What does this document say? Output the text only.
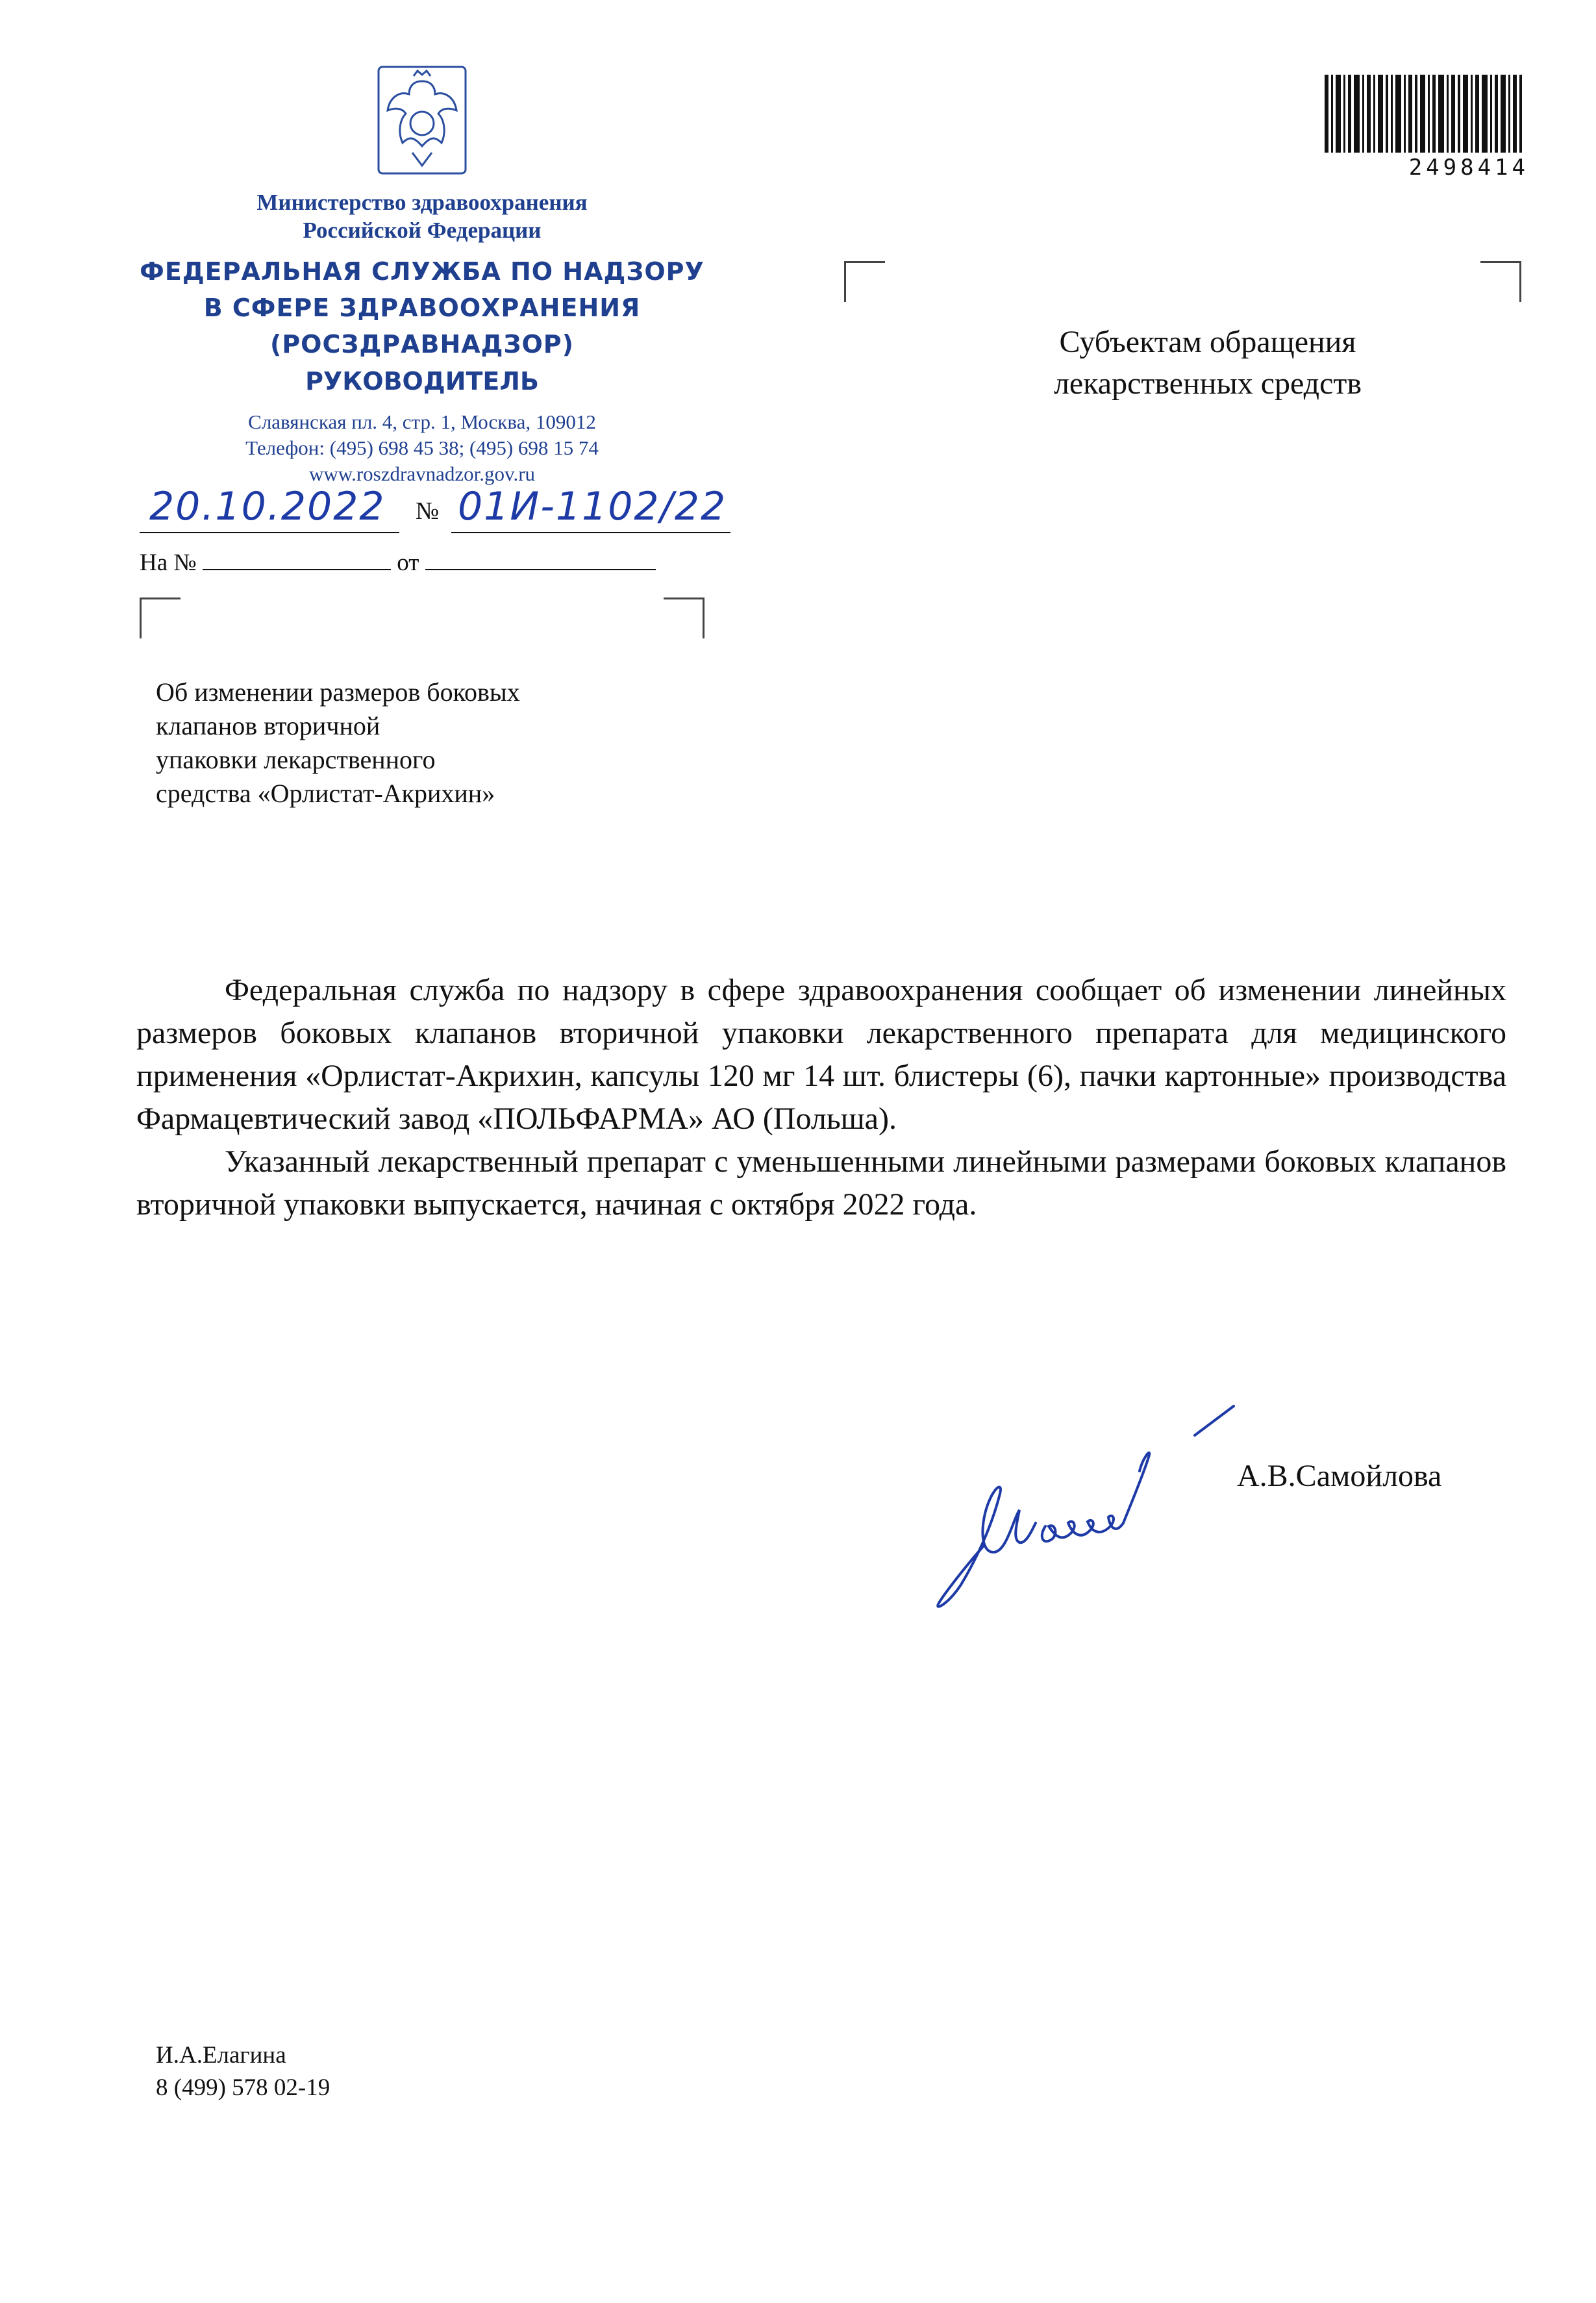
Министерство здравоохранения
Российской Федерации
ФЕДЕРАЛЬНАЯ СЛУЖБА ПО НАДЗОРУ
В СФЕРЕ ЗДРАВООХРАНЕНИЯ
(РОСЗДРАВНАДЗОР)
РУКОВОДИТЕЛЬ
Славянская пл. 4, стр. 1, Москва, 109012
Телефон: (495) 698 45 38; (495) 698 15 74
www.roszdravnadzor.gov.ru
20.10.2022 № 01И-1102/22
На №	от
2498414
Субъектам обращения
лекарственных средств
Об изменении размеров боковых
клапанов вторичной
упаковки лекарственного
средства «Орлистат-Акрихин»

Федеральная служба по надзору в сфере здравоохранения сообщает об изменении линейных размеров боковых клапанов вторичной упаковки лекарственного препарата для медицинского применения «Орлистат-Акрихин, капсулы 120 мг 14 шт. блистеры (6), пачки картонные» производства Фармацевтический завод «ПОЛЬФАРМА» АО (Польша).

Указанный лекарственный препарат с уменьшенными линейными размерами боковых клапанов вторичной упаковки выпускается, начиная с октября 2022 года.

А.В.Самойлова
И.А.Елагина
8 (499) 578 02-19
